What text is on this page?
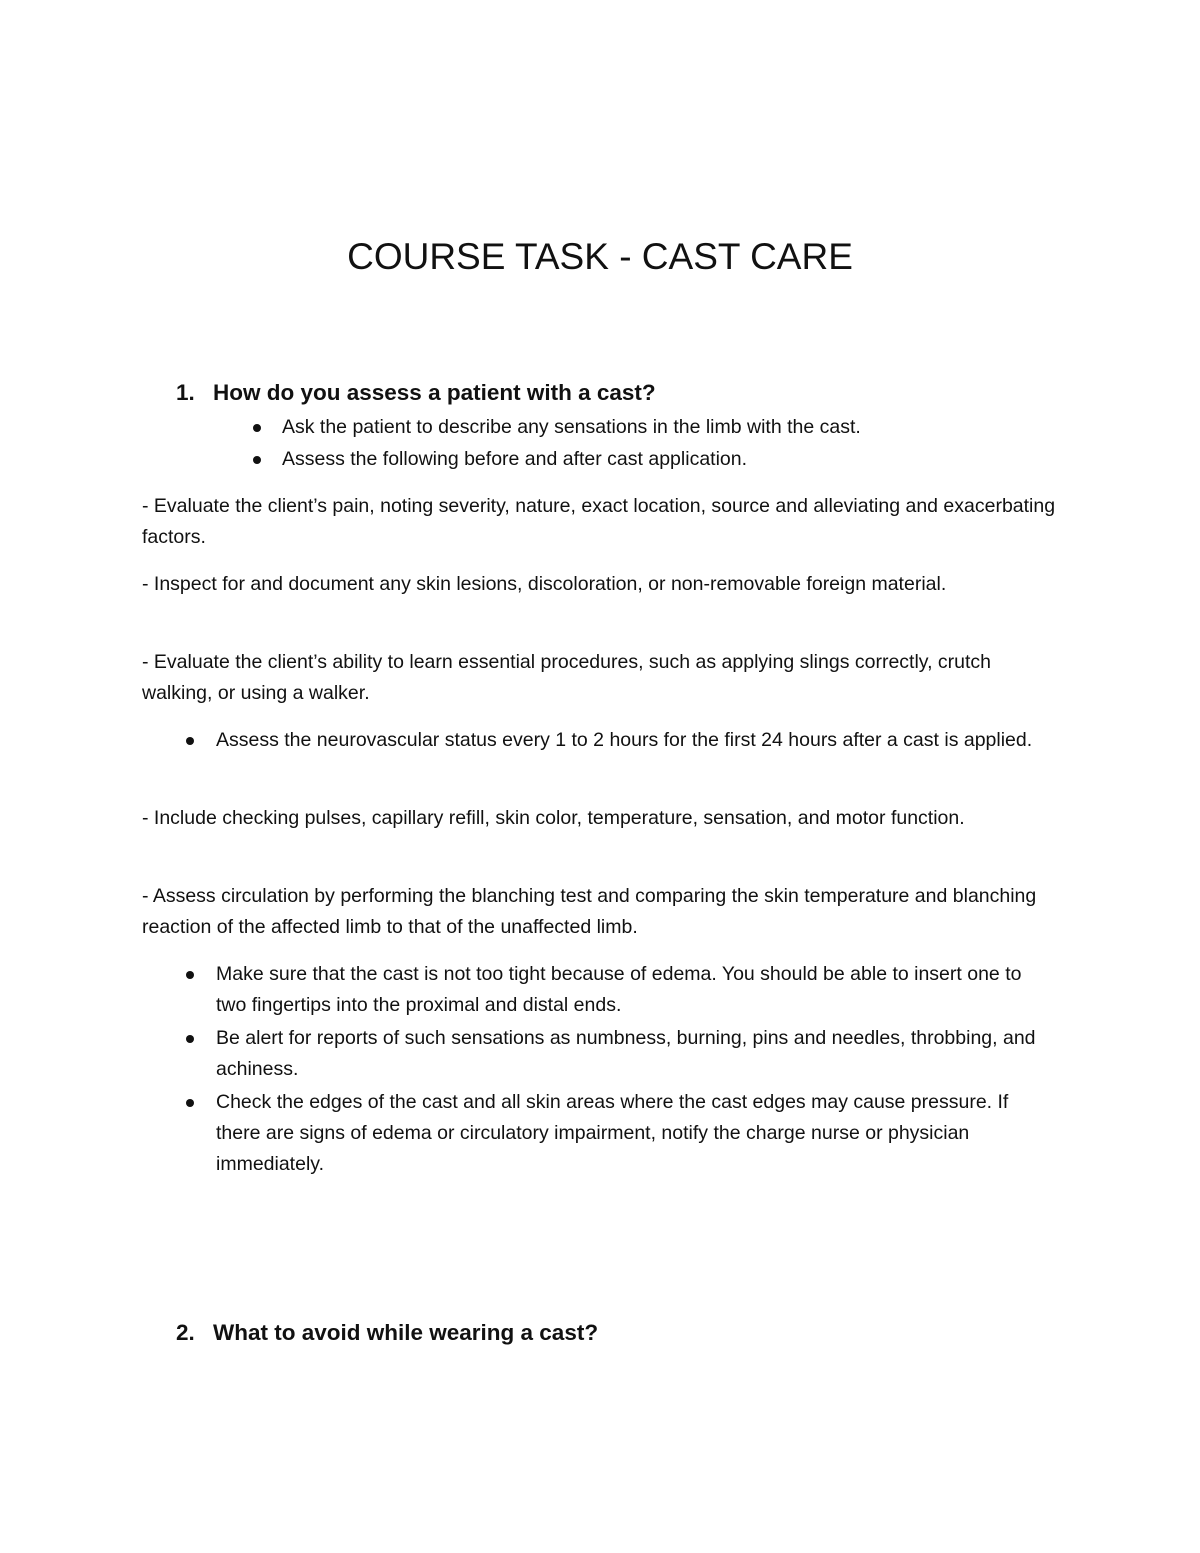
COURSE TASK - CAST CARE

1. How do you assess a patient with a cast?

Ask the patient to describe any sensations in the limb with the cast.

Assess the following before and after cast application.

- Evaluate the client’s pain, noting severity, nature, exact location, source and alleviating and exacerbating factors.

- Inspect for and document any skin lesions, discoloration, or non-removable foreign material.

- Evaluate the client’s ability to learn essential procedures, such as applying slings correctly, crutch walking, or using a walker.

Assess the neurovascular status every 1 to 2 hours for the first 24 hours after a cast is applied.

- Include checking pulses, capillary refill, skin color, temperature, sensation, and motor function.

- Assess circulation by performing the blanching test and comparing the skin temperature and blanching reaction of the affected limb to that of the unaffected limb.

Make sure that the cast is not too tight because of edema. You should be able to insert one to two fingertips into the proximal and distal ends.

Be alert for reports of such sensations as numbness, burning, pins and needles, throbbing, and achiness.

Check the edges of the cast and all skin areas where the cast edges may cause pressure. If there are signs of edema or circulatory impairment, notify the charge nurse or physician immediately.

2. What to avoid while wearing a cast?
